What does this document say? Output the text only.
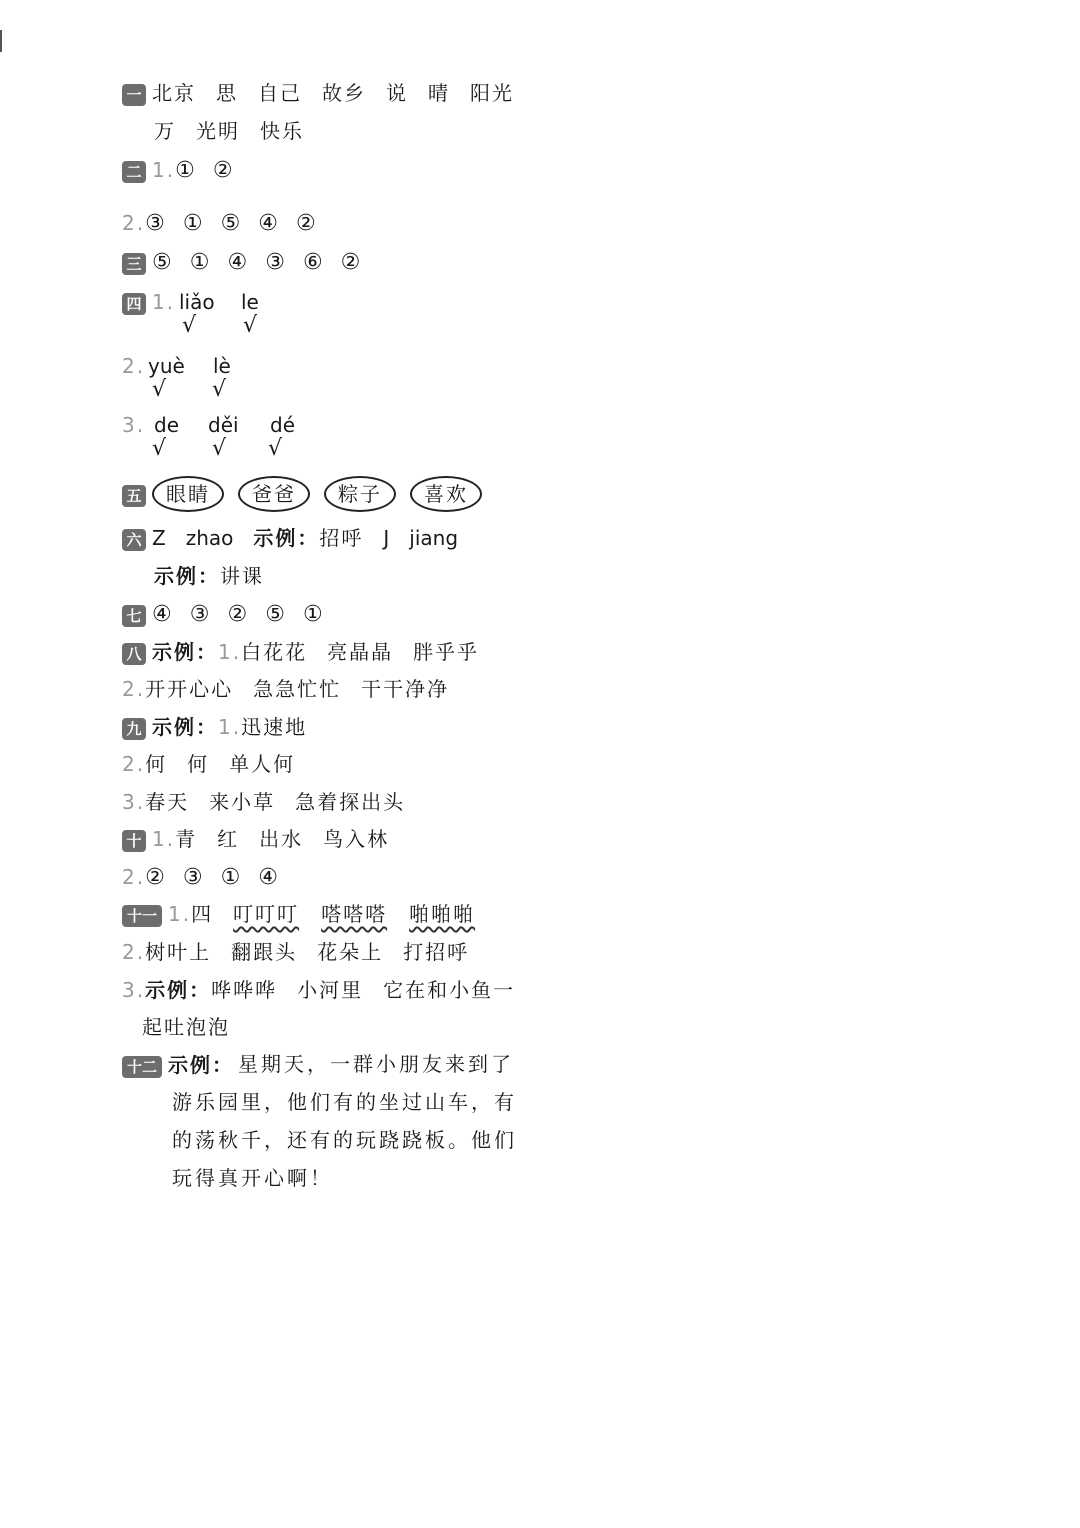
一 北京 思 自己 故乡 说 晴 阳光
万 光明 快乐
二 1.① ②
2.③ ① ⑤ ④ ②
三 ⑤ ① ④ ③ ⑥ ②
四 1. liǎo le
√ √
2. yuè lè
√ √
3. de děi dé
√ √ √
五 眼睛 爸爸 粽子 喜欢
六 Z zhao 示例：招呼 J jiang
示例：讲课
七 ④ ③ ② ⑤ ①
八 示例：1.白花花 亮晶晶 胖乎乎
2.开开心心 急急忙忙 干干净净
九 示例：1.迅速地
2.何 何 单人何
3.春天 来小草 急着探出头
十 1.青 红 出水 鸟入林
2.② ③ ① ④
十一 1.四 叮叮叮 嗒嗒嗒 啪啪啪
2.树叶上 翻跟头 花朵上 打招呼
3.示例：哗哗哗 小河里 它在和小鱼一
起吐泡泡
十二 示例： 星期天，一群小朋友来到了游乐园里，他们有的坐过山车，有的荡秋千，还有的玩跷跷板。他们玩得真开心啊！
